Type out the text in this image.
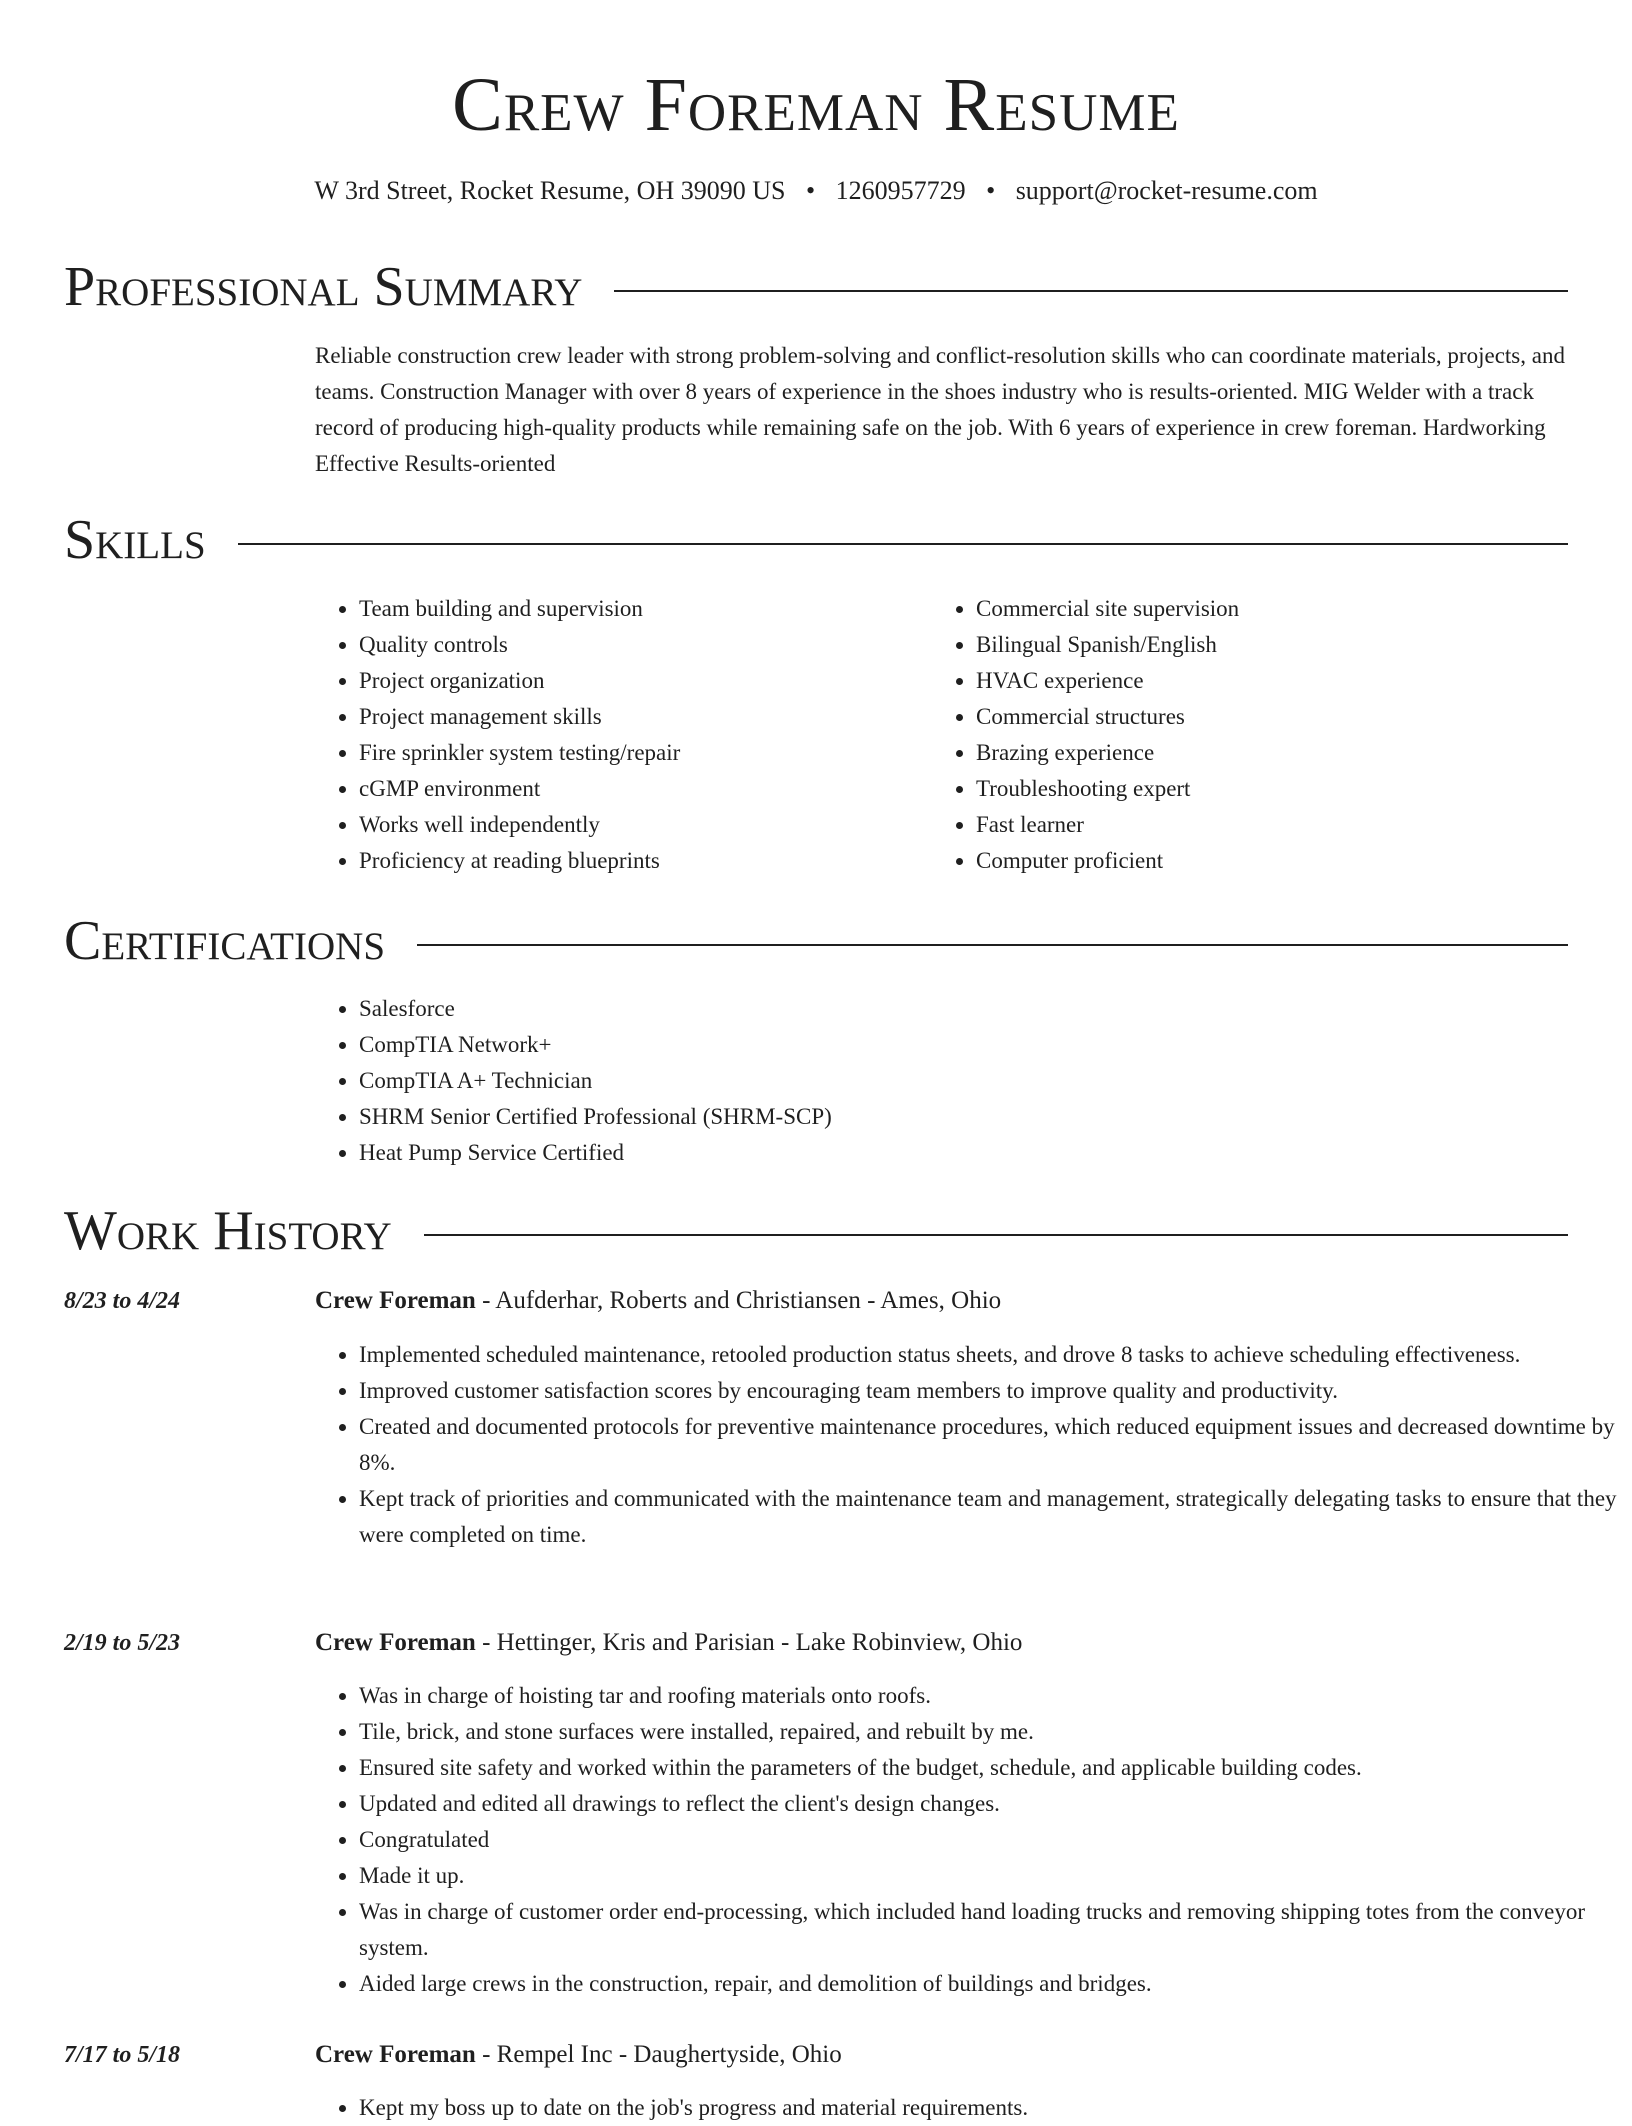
Crew Foreman Resume
W 3rd Street, Rocket Resume, OH 39090 US • 1260957729 • support@rocket-resume.com
Professional Summary
Reliable construction crew leader with strong problem-solving and conflict-resolution skills who can coordinate materials, projects, and teams. Construction Manager with over 8 years of experience in the shoes industry who is results-oriented. MIG Welder with a track record of producing high-quality products while remaining safe on the job. With 6 years of experience in crew foreman. Hardworking Effective Results-oriented
Skills
• Team building and supervision
• Quality controls
• Project organization
• Project management skills
• Fire sprinkler system testing/repair
• cGMP environment
• Works well independently
• Proficiency at reading blueprints
• Commercial site supervision
• Bilingual Spanish/English
• HVAC experience
• Commercial structures
• Brazing experience
• Troubleshooting expert
• Fast learner
• Computer proficient
Certifications
• Salesforce
• CompTIA Network+
• CompTIA A+ Technician
• SHRM Senior Certified Professional (SHRM-SCP)
• Heat Pump Service Certified
Work History
8/23 to 4/24	Crew Foreman - Aufderhar, Roberts and Christiansen - Ames, Ohio
• Implemented scheduled maintenance, retooled production status sheets, and drove 8 tasks to achieve scheduling effectiveness.
• Improved customer satisfaction scores by encouraging team members to improve quality and productivity.
• Created and documented protocols for preventive maintenance procedures, which reduced equipment issues and decreased downtime by 8%.
• Kept track of priorities and communicated with the maintenance team and management, strategically delegating tasks to ensure that they were completed on time.
2/19 to 5/23	Crew Foreman - Hettinger, Kris and Parisian - Lake Robinview, Ohio
• Was in charge of hoisting tar and roofing materials onto roofs.
• Tile, brick, and stone surfaces were installed, repaired, and rebuilt by me.
• Ensured site safety and worked within the parameters of the budget, schedule, and applicable building codes.
• Updated and edited all drawings to reflect the client's design changes.
• Congratulated
• Made it up.
• Was in charge of customer order end-processing, which included hand loading trucks and removing shipping totes from the conveyor system.
• Aided large crews in the construction, repair, and demolition of buildings and bridges.
7/17 to 5/18	Crew Foreman - Rempel Inc - Daughertyside, Ohio
• Kept my boss up to date on the job's progress and material requirements.
